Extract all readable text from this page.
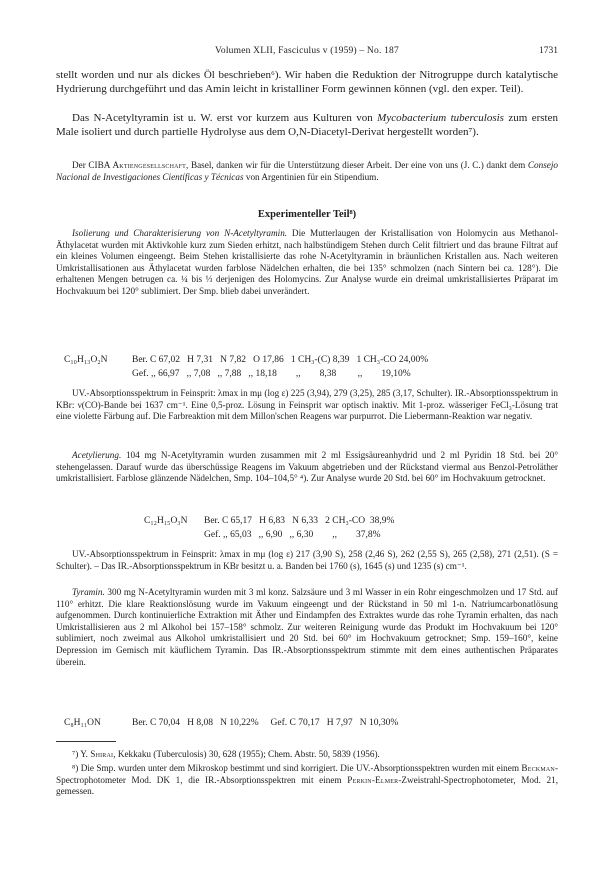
Volumen XLII, Fasciculus v (1959) – No. 187	1731
stellt worden und nur als dickes Öl beschrieben⁶). Wir haben die Reduktion der Nitrogruppe durch katalytische Hydrierung durchgeführt und das Amin leicht in kristalliner Form gewinnen können (vgl. den exper. Teil).
Das N-Acetyltyramin ist u. W. erst vor kurzem aus Kulturen von Mycobacterium tuberculosis zum ersten Male isoliert und durch partielle Hydrolyse aus dem O,N-Diacetyl-Derivat hergestellt worden⁷).
Der CIBA Aktiengesellschaft, Basel, danken wir für die Unterstützung dieser Arbeit. Der eine von uns (J. C.) dankt dem Consejo Nacional de Investigaciones Científicas y Técnicas von Argentinien für ein Stipendium.
Experimenteller Teil⁸)
Isolierung und Charakterisierung von N-Acetyltyramin. Die Mutterlaugen der Kristallisation von Holomycin aus Methanol-Äthylacetat wurden mit Aktivkohle kurz zum Sieden erhitzt, nach halbstündigem Stehen durch Celit filtriert und das braune Filtrat auf ein kleines Volumen eingeengt. Beim Stehen kristallisierte das rohe N-Acetyltyramin in bräunlichen Kristallen aus. Nach weiteren Umkristallisationen aus Äthylacetat wurden farblose Nädelchen erhalten, die bei 135° schmolzen (nach Sintern bei ca. 128°). Die erhaltenen Mengen betrugen ca. ¼ bis ⅓ derjenigen des Holomycins. Zur Analyse wurde ein dreimal umkristallisiertes Präparat im Hochvakuum bei 120° sublimiert. Der Smp. blieb dabei unverändert.
C₁₀H₁₃O₂N	Ber. C 67,02   H 7,31   N 7,82   O 17,86   1 CH₃-(C) 8,39   1 CH₃-CO 24,00%
Gef. ,, 66,97   ,, 7,08   ,, 7,88   ,, 18,18        ,,        8,38         ,,        19,10%
UV.-Absorptionsspektrum in Feinsprit: λmax in mμ (log ε) 225 (3,94), 279 (3,25), 285 (3,17, Schulter). IR.-Absorptionsspektrum in KBr: ν(CO)-Bande bei 1637 cm⁻¹. Eine 0,5-proz. Lösung in Feinsprit war optisch inaktiv. Mit 1-proz. wässeriger FeCl₃-Lösung trat eine violette Färbung auf. Die Farbreaktion mit dem Millon'schen Reagens war purpurrot. Die Liebermann-Reaktion war negativ.
Acetylierung. 104 mg N-Acetyltyramin wurden zusammen mit 2 ml Essigsäureanhydrid und 2 ml Pyridin 18 Std. bei 20° stehengelassen. Darauf wurde das überschüssige Reagens im Vakuum abgetrieben und der Rückstand viermal aus Benzol-Petroläther umkristallisiert. Farblose glänzende Nädelchen, Smp. 104–104,5° ⁴). Zur Analyse wurde 20 Std. bei 60° im Hochvakuum getrocknet.
C₁₂H₁₅O₃N Ber. C 65,17   H 6,83   N 6,33   2 CH₃-CO  38,9%
Gef. ,, 65,03   ,, 6,90   ,, 6,30        ,,        37,8%
UV.-Absorptionsspektrum in Feinsprit: λmax in mμ (log ε) 217 (3,90 S), 258 (2,46 S), 262 (2,55 S), 265 (2,58), 271 (2,51). (S = Schulter). – Das IR.-Absorptionsspektrum in KBr besitzt u. a. Banden bei 1760 (s), 1645 (s) und 1235 (s) cm⁻¹.
Tyramin. 300 mg N-Acetyltyramin wurden mit 3 ml konz. Salzsäure und 3 ml Wasser in ein Rohr eingeschmolzen und 17 Std. auf 110° erhitzt. Die klare Reaktionslösung wurde im Vakuum eingeengt und der Rückstand in 50 ml 1-n. Natriumcarbonatlösung aufgenommen. Durch kontinuierliche Extraktion mit Äther und Eindampfen des Extraktes wurde das rohe Tyramin erhalten, das nach Umkristallisieren aus 2 ml Alkohol bei 157–158° schmolz. Zur weiteren Reinigung wurde das Produkt im Hochvakuum bei 120° sublimiert, noch zweimal aus Alkohol umkristallisiert und 20 Std. bei 60° im Hochvakuum getrocknet; Smp. 159–160°, keine Depression im Gemisch mit käuflichem Tyramin. Das IR.-Absorptionsspektrum stimmte mit dem eines authentischen Präparates überein.
C₈H₁₁ON	Ber. C 70,04   H 8,08   N 10,22%     Gef. C 70,17   H 7,97   N 10,30%
⁷) Y. Shirai, Kekkaku (Tuberculosis) 30, 628 (1955); Chem. Abstr. 50, 5839 (1956).
⁸) Die Smp. wurden unter dem Mikroskop bestimmt und sind korrigiert. Die UV.-Absorptionsspektren wurden mit einem Beckman-Spectrophotometer Mod. DK 1, die IR.-Absorptionsspektren mit einem Perkin-Elmer-Zweistrahl-Spectrophotometer, Mod. 21, gemessen.
